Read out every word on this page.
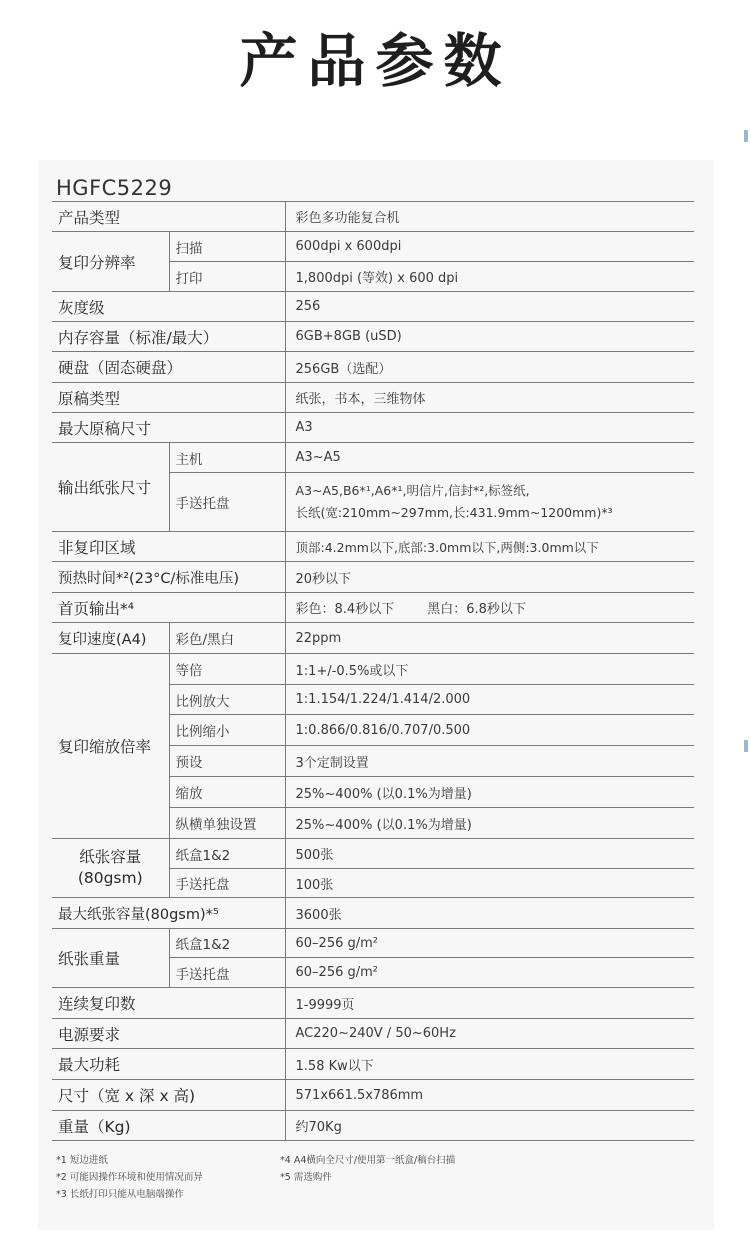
产品参数
HGFC5229
产品类型		彩色多功能复合机
复印分辨率	扫描	600dpi x 600dpi
	打印	1,800dpi (等效) x 600 dpi
灰度级		256
内存容量（标准/最大）		6GB+8GB (uSD)
硬盘（固态硬盘）		256GB（选配）
原稿类型		纸张，书本，三维物体
最大原稿尺寸		A3
输出纸张尺寸	主机	A3~A5
	手送托盘	A3~A5,B6*¹,A6*¹,明信片,信封*²,标签纸,
长纸(宽:210mm~297mm,长:431.9mm~1200mm)*³

非复印区域		顶部:4.2mm以下,底部:3.0mm以下,两侧:3.0mm以下
预热时间*²(23°C/标准电压)		20秒以下
首页输出*⁴		彩色：8.4秒以下        黑白：6.8秒以下
复印速度(A4)	彩色/黑白	22ppm
复印缩放倍率	等倍	1:1+/-0.5%或以下
	比例放大	1:1.154/1.224/1.414/2.000
	比例缩小	1:0.866/0.816/0.707/0.500
	预设	3个定制设置
	缩放	25%~400% (以0.1%为增量)
	纵横单独设置	25%~400% (以0.1%为增量)

纸张容量
(80gsm)	纸盒1&2	500张
	手送托盘	100张
最大纸张容量(80gsm)*⁵		3600张
纸张重量	纸盒1&2	60–256 g/m²
	手送托盘	60–256 g/m²
连续复印数		1-9999页
电源要求		AC220~240V / 50~60Hz
最大功耗		1.58 Kw以下
尺寸（宽 x 深 x 高)		571x661.5x786mm
重量（Kg)		约70Kg
*1 短边进纸
*2 可能因操作环境和使用情况而异
*3 长纸打印只能从电脑端操作
*4 A4横向全尺寸/使用第一纸盒/稿台扫描
*5 需选购件
